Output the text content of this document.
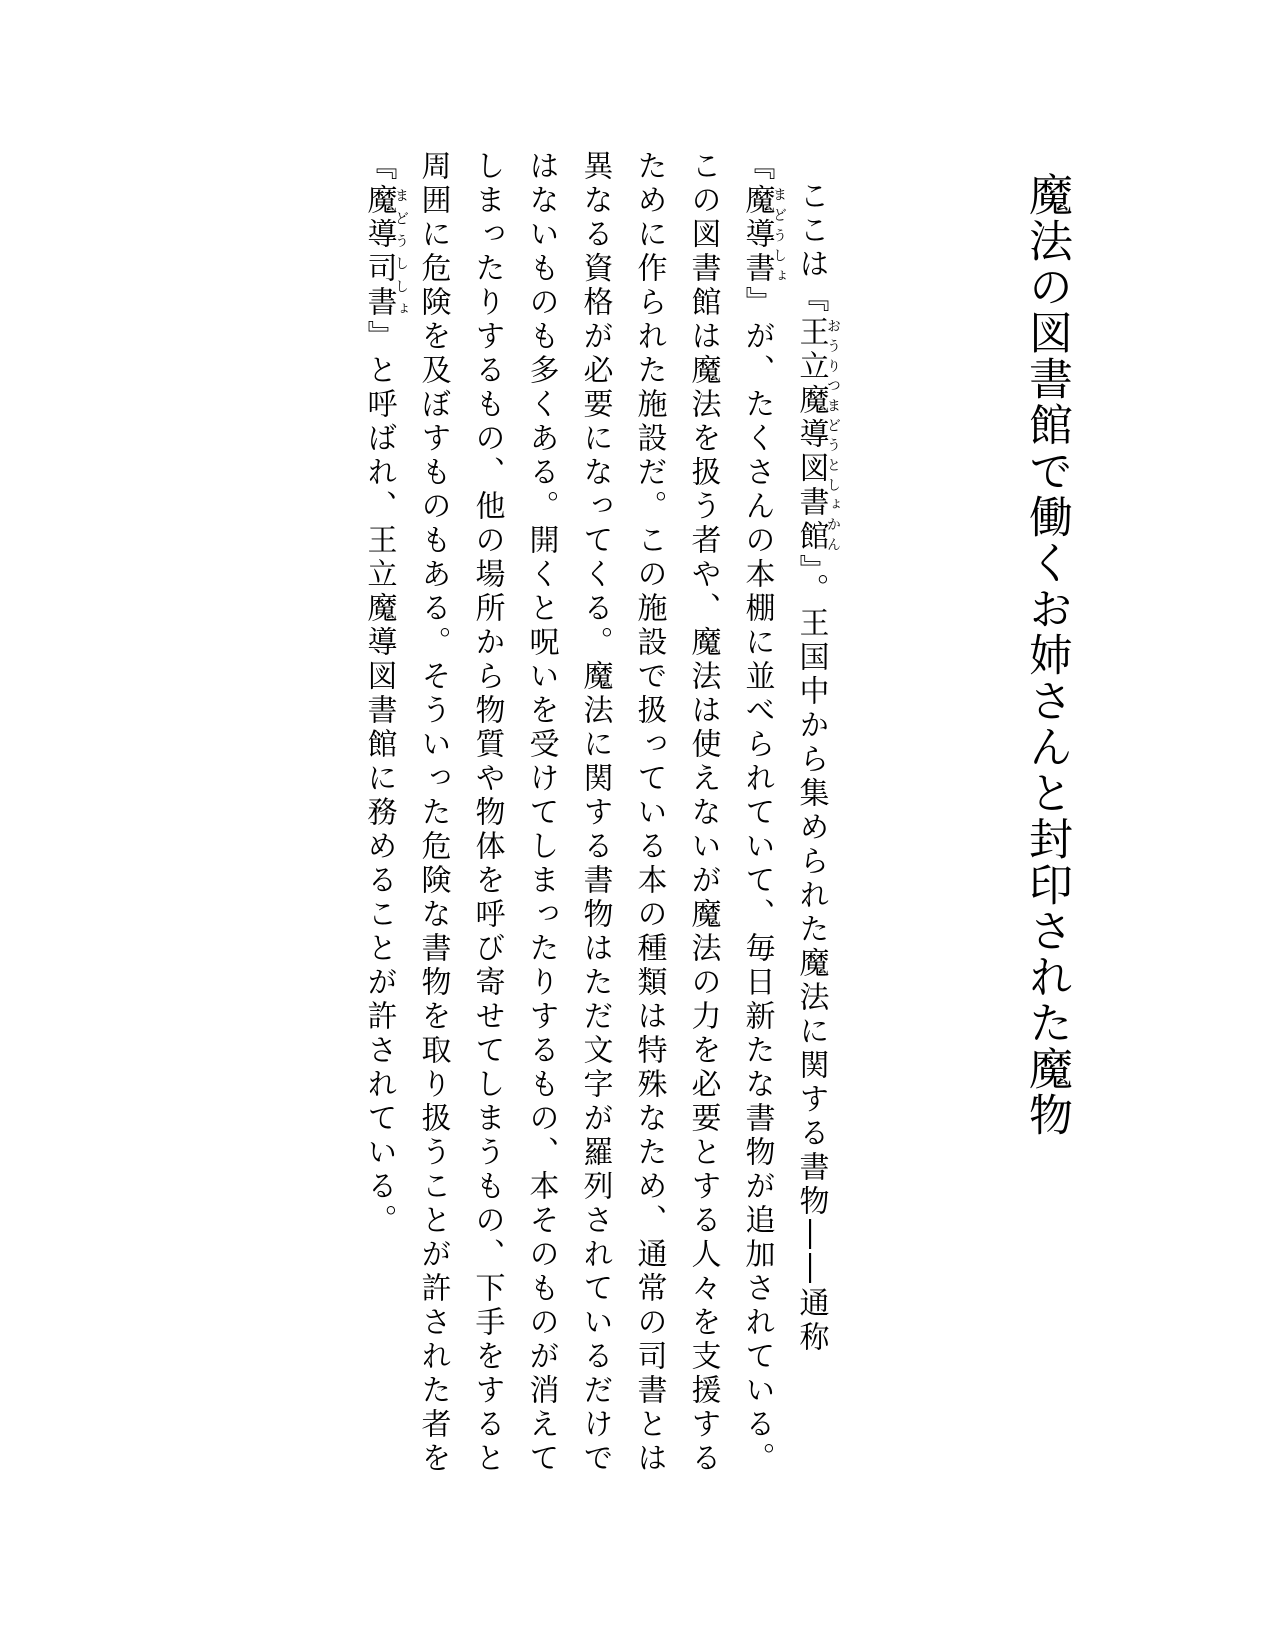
魔法の図書館で働くお姉さんと封印された魔物

ここは『王立魔導図書館おうりつまどうとしょかん』。王国中から集められた魔法に関する書物――通称『魔導書まどうしょ』が、たくさんの本棚に並べられていて、毎日新たな書物が追加されている。この図書館は魔法を扱う者や、魔法は使えないが魔法の力を必要とする人々を支援するために作られた施設だ。この施設で扱っている本の種類は特殊なため、通常の司書とは異なる資格が必要になってくる。魔法に関する書物はただ文字が羅列されているだけではないものも多くある。開くと呪いを受けてしまったりするもの、本そのものが消えてしまったりするもの、他の場所から物質や物体を呼び寄せてしまうもの、下手をすると周囲に危険を及ぼすものもある。そういった危険な書物を取り扱うことが許された者を『魔導司書まどうししょ』と呼ばれ、王立魔導図書館に務めることが許されている。
